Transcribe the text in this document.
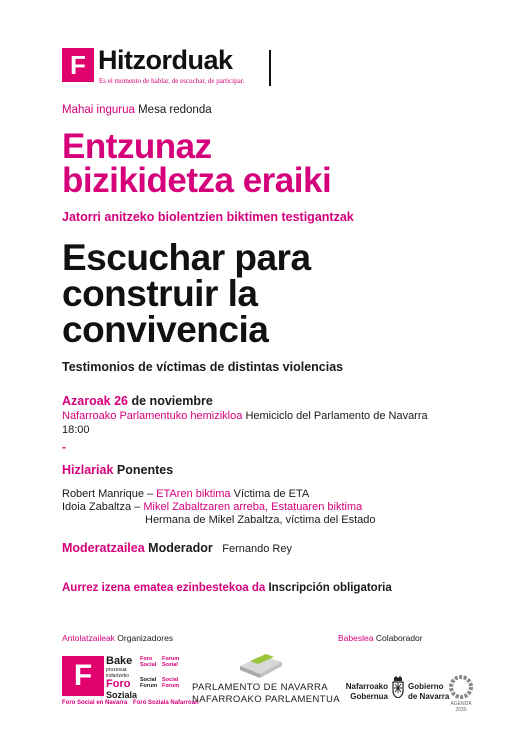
F Hitzorduak
Es el momento de hablar, de escuchar, de participar.
Mahai ingurua Mesa redonda
Entzunaz
bizikidetza eraiki
Jatorri anitzeko biolentzien biktimen testigantzak
Escuchar para
construir la
convivencia
Testimonios de víctimas de distintas violencias
Azaroak 26 de noviembre
Nafarroako Parlamentuko hemizikloa Hemiciclo del Parlamento de Navarra
18:00
-
Hizlariak Ponentes
Robert Manrique – ETAren biktima Víctima de ETA
Idoia Zabaltza – Mikel Zabaltzaren arreba, Estatuaren biktima
Hermana de Mikel Zabaltza, víctima del Estado
Moderatzailea Moderador Fernando Rey
Aurrez izena ematea ezinbestekoa da Inscripción obligatoria
Antolatzaileak Organizadores	Babeslea Colaborador
F	Bake
prozesua indartzeko
Foro
Soziala
Foro Social
Forum Sozial
Social Forum
Social Forum
Foro Social en Navarra Foro Soziala Nafarroan
PARLAMENTO DE NAVARRA
NAFARROAKO PARLAMENTUA
Nafarroako
Gobernua
Gobierno
de Navarra
AGENDA 2030
